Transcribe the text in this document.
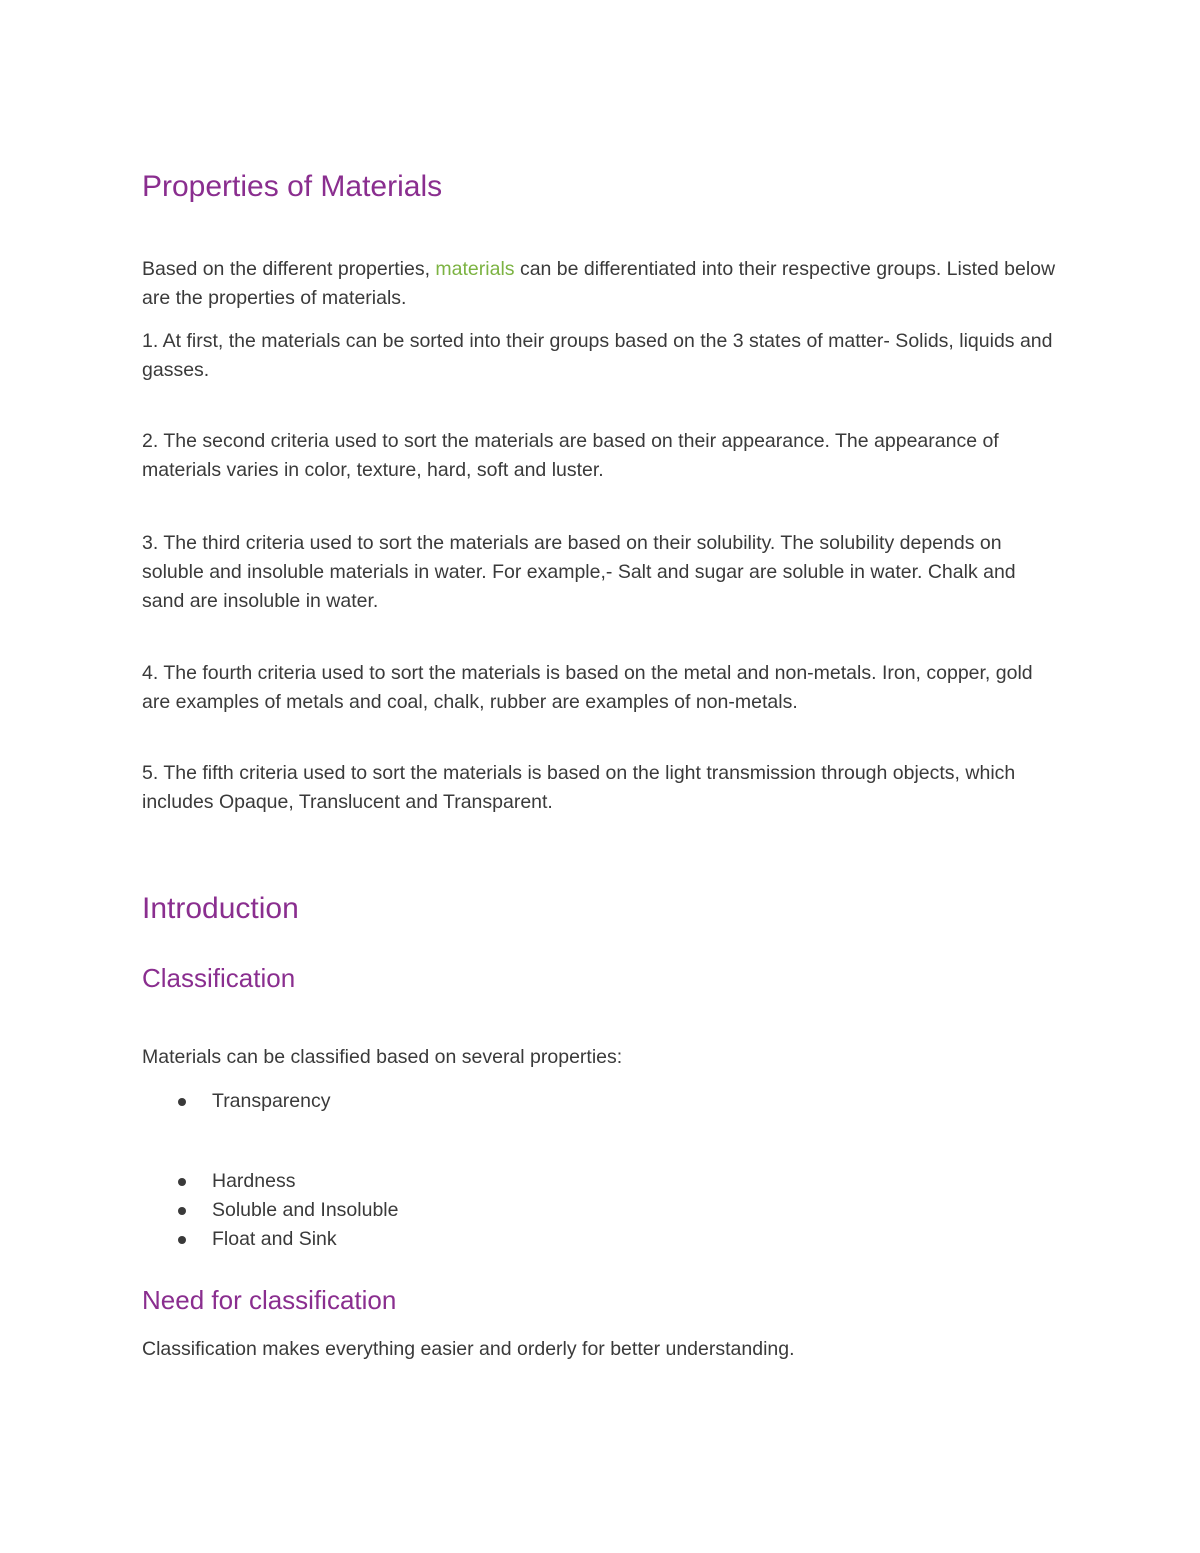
Properties of Materials

Based on the different properties, materials can be differentiated into their respective groups. Listed below are the properties of materials.

1. At first, the materials can be sorted into their groups based on the 3 states of matter- Solids, liquids and gasses.

2. The second criteria used to sort the materials are based on their appearance. The appearance of materials varies in color, texture, hard, soft and luster.

3. The third criteria used to sort the materials are based on their solubility. The solubility depends on soluble and insoluble materials in water. For example,- Salt and sugar are soluble in water. Chalk and sand are insoluble in water.

4. The fourth criteria used to sort the materials is based on the metal and non-metals. Iron, copper, gold are examples of metals and coal, chalk, rubber are examples of non-metals.

5. The fifth criteria used to sort the materials is based on the light transmission through objects, which includes Opaque, Translucent and Transparent.

Introduction
Classification

Materials can be classified based on several properties:

Transparency
Hardness
Soluble and Insoluble
Float and Sink
Need for classification

Classification makes everything easier and orderly for better understanding.
